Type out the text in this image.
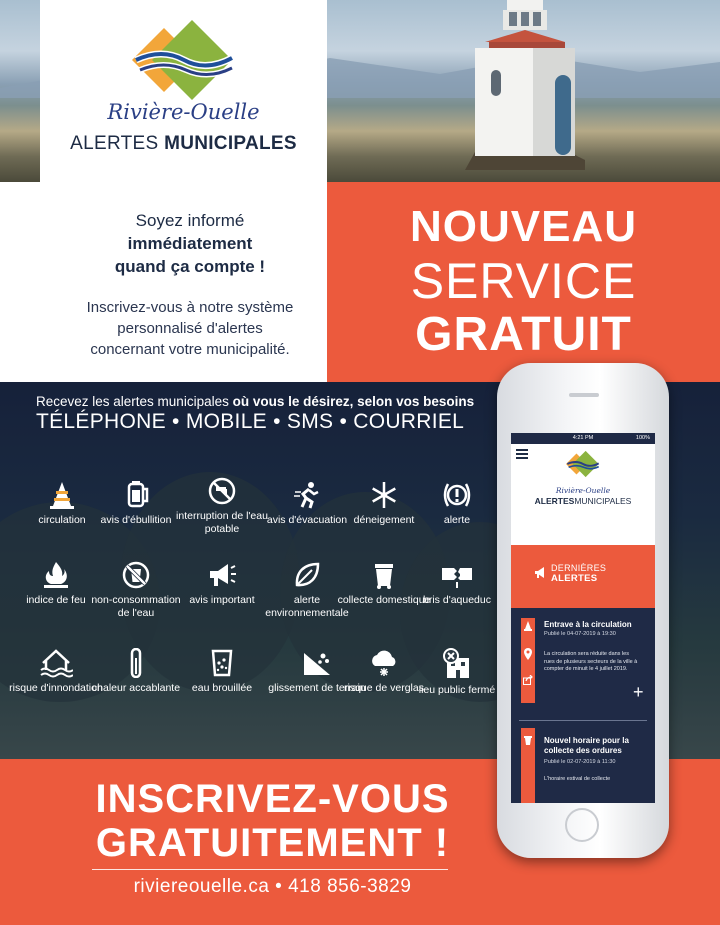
Rivière-Ouelle
ALERTES MUNICIPALES
Soyez informé
immédiatement
quand ça compte !
Inscrivez-vous à notre système
personnalisé d'alertes
concernant votre municipalité.
NOUVEAU
SERVICE
GRATUIT
Recevez les alertes municipales où vous le désirez, selon vos besoins
TÉLÉPHONE • MOBILE • SMS • COURRIEL
circulation	avis d'ébullition interruption de l'eau potable
avis d'évacuation déneigement	alerte
indice de feu non-consommation de l'eau
avis important	alerte environnementale
collecte domestique
bris d'aqueduc
risque d'innondation
chaleur accablante	eau brouillée	glissement de terrain
risque de verglas
lieu public fermé
INSCRIVEZ-VOUS
GRATUITEMENT !
riviereouelle.ca • 418 856-3829
4:21 PM	100%
Rivière-Ouelle
ALERTESMUNICIPALES
DERNIÈRES
ALERTES
Entrave à la circulation
Publié le 04-07-2019 à 19:30
La circulation sera réduite dans les rues de plusieurs secteurs de la ville à compter de minuit le 4 juillet 2019.
+
Nouvel horaire pour la collecte des ordures
Publié le 02-07-2019 à 11:30
L'horaire estival de collecte
